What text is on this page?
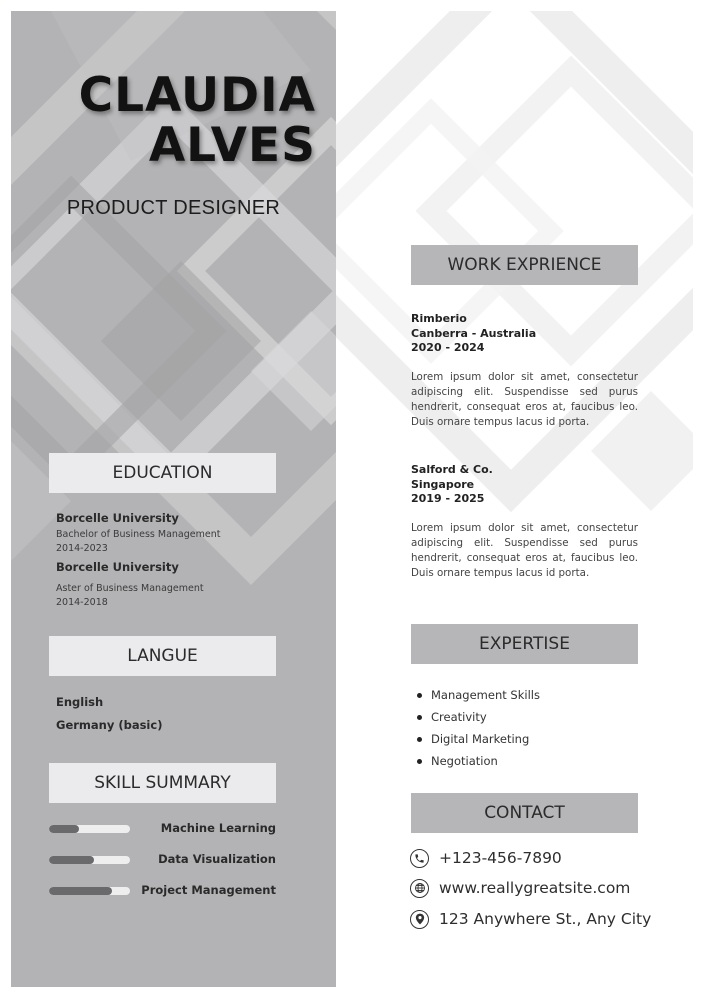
CLAUDIA
ALVES
PRODUCT DESIGNER
EDUCATION
Borcelle University
Bachelor of Business Management
2014-2023
Borcelle University
Aster of Business Management
2014-2018
LANGUE
English
Germany (basic)
SKILL SUMMARY
Machine Learning
Data Visualization
Project Management
WORK EXPRIENCE
Rimberio
Canberra - Australia
2020 - 2024
Lorem ipsum dolor sit amet, consectetur adipiscing elit. Suspendisse sed purus hendrerit, consequat eros at, faucibus leo. Duis ornare tempus lacus id porta.
Salford & Co.
Singapore
2019 - 2025
Lorem ipsum dolor sit amet, consectetur adipiscing elit. Suspendisse sed purus hendrerit, consequat eros at, faucibus leo. Duis ornare tempus lacus id porta.
EXPERTISE
Management Skills
Creativity
Digital Marketing
Negotiation
CONTACT
+123-456-7890
www.reallygreatsite.com
123 Anywhere St., Any City
